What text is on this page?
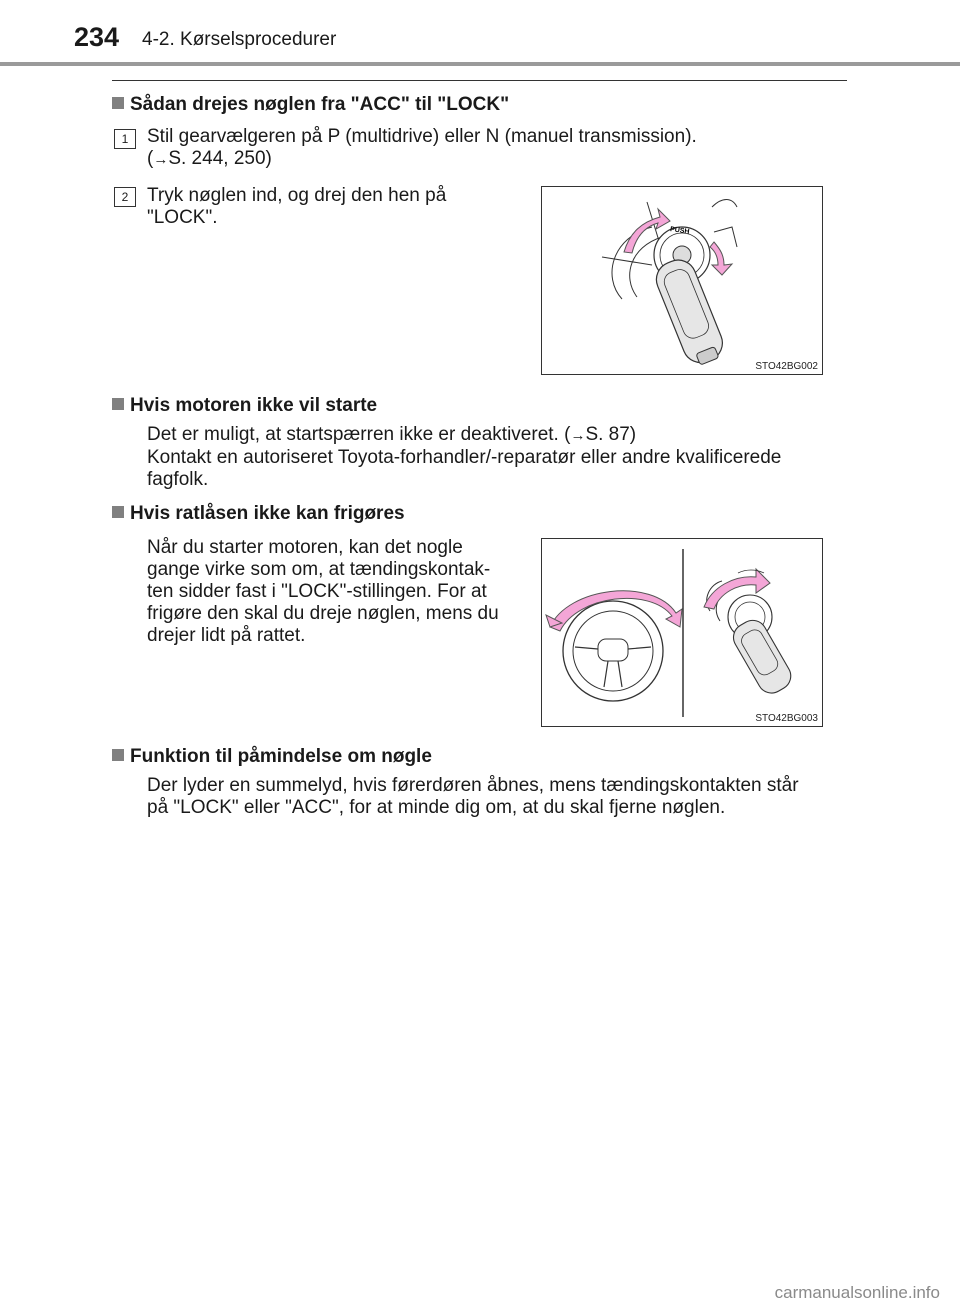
234 4-2. Kørselsprocedurer
Sådan drejes nøglen fra "ACC" til "LOCK"
1 Stil gearvælgeren på P (multidrive) eller N (manuel transmission).
(→S. 244, 250)
2 Tryk nøglen ind, og drej den hen på
"LOCK".
PUSH
STO42BG002
Hvis motoren ikke vil starte
Det er muligt, at startspærren ikke er deaktiveret. (→S. 87)
Kontakt en autoriseret Toyota-forhandler/-reparatør eller andre kvalificerede
fagfolk.
Hvis ratlåsen ikke kan frigøres
Når du starter motoren, kan det nogle
gange virke som om, at tændingskontak-
ten sidder fast i "LOCK"-stillingen. For at
frigøre den skal du dreje nøglen, mens du
drejer lidt på rattet.
STO42BG003
Funktion til påmindelse om nøgle
Der lyder en summelyd, hvis førerdøren åbnes, mens tændingskontakten står
på "LOCK" eller "ACC", for at minde dig om, at du skal fjerne nøglen.
carmanualsonline.info
